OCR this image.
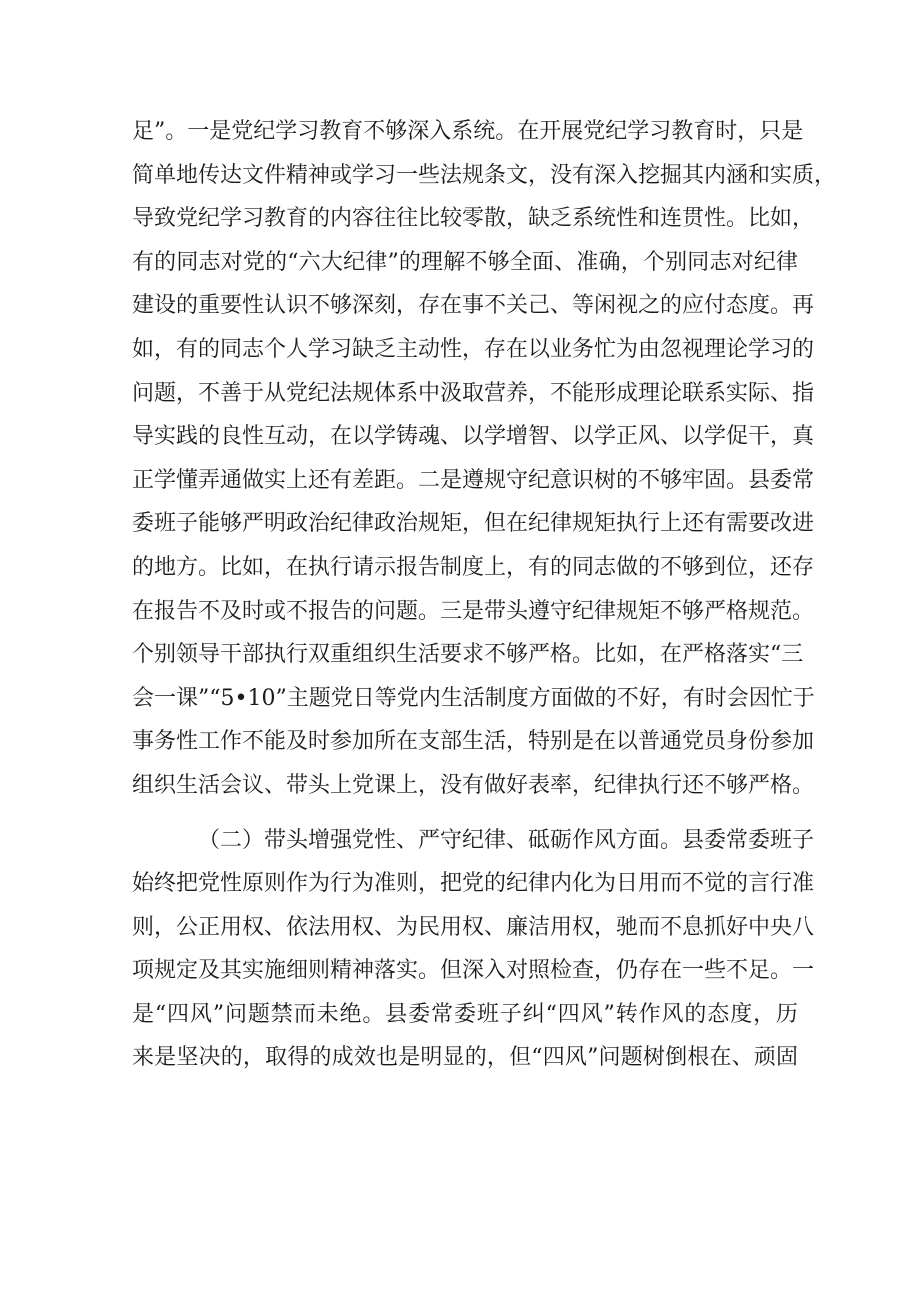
足”。一是党纪学习教育不够深入系统。在开展党纪学习教育时，只是
简单地传达文件精神或学习一些法规条文，没有深入挖掘其内涵和实质，
导致党纪学习教育的内容往往比较零散，缺乏系统性和连贯性。比如，
有的同志对党的“六大纪律”的理解不够全面、准确，个别同志对纪律
建设的重要性认识不够深刻，存在事不关己、等闲视之的应付态度。再
如，有的同志个人学习缺乏主动性，存在以业务忙为由忽视理论学习的
问题，不善于从党纪法规体系中汲取营养，不能形成理论联系实际、指
导实践的良性互动，在以学铸魂、以学增智、以学正风、以学促干，真
正学懂弄通做实上还有差距。二是遵规守纪意识树的不够牢固。县委常
委班子能够严明政治纪律政治规矩，但在纪律规矩执行上还有需要改进
的地方。比如，在执行请示报告制度上，有的同志做的不够到位，还存
在报告不及时或不报告的问题。三是带头遵守纪律规矩不够严格规范。
个别领导干部执行双重组织生活要求不够严格。比如，在严格落实“三
会一课”“5•10”主题党日等党内生活制度方面做的不好，有时会因忙于
事务性工作不能及时参加所在支部生活，特别是在以普通党员身份参加
组织生活会议、带头上党课上，没有做好表率，纪律执行还不够严格。
（二）带头增强党性、严守纪律、砥砺作风方面。县委常委班子
始终把党性原则作为行为准则，把党的纪律内化为日用而不觉的言行准
则，公正用权、依法用权、为民用权、廉洁用权，驰而不息抓好中央八
项规定及其实施细则精神落实。但深入对照检查，仍存在一些不足。一
是“四风”问题禁而未绝。县委常委班子纠“四风”转作风的态度，历
来是坚决的，取得的成效也是明显的，但“四风”问题树倒根在、顽固
